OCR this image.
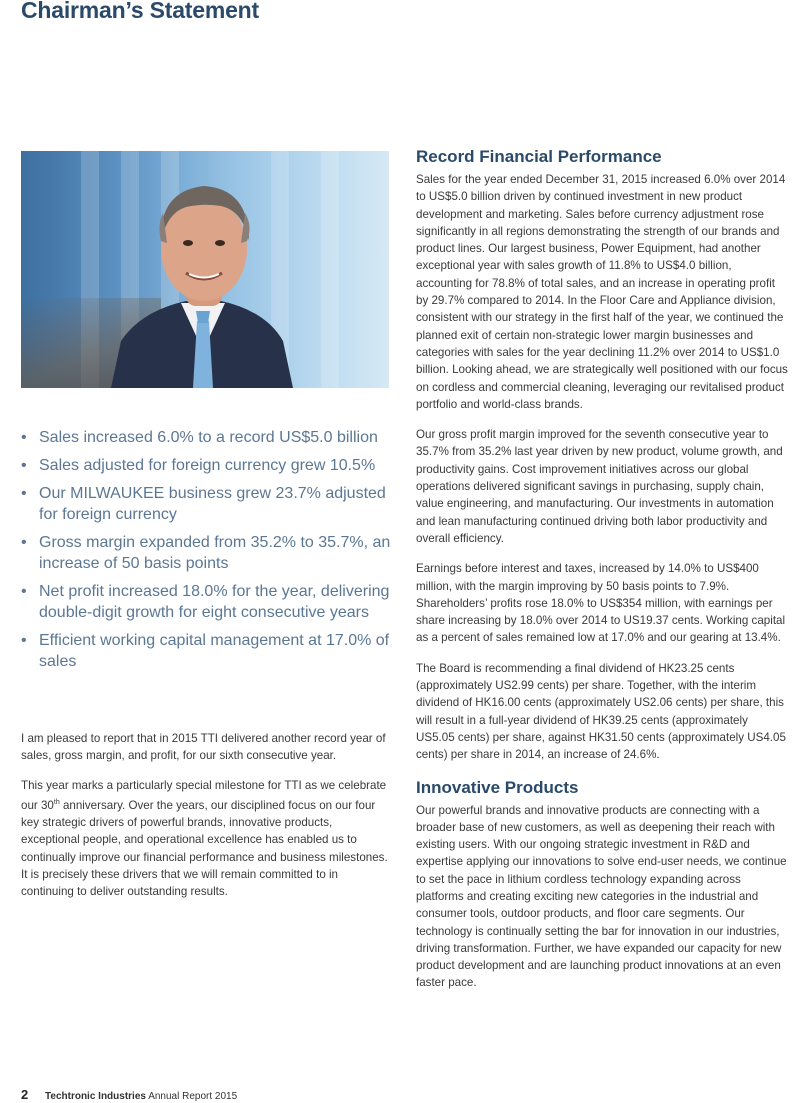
Chairman’s Statement
• Sales increased 6.0% to a record US$5.0 billion
• Sales adjusted for foreign currency grew 10.5%
• Our MILWAUKEE business grew 23.7% adjusted for foreign currency
• Gross margin expanded from 35.2% to 35.7%, an increase of 50 basis points
• Net profit increased 18.0% for the year, delivering double-digit growth for eight consecutive years
• Efficient working capital management at 17.0% of sales

I am pleased to report that in 2015 TTI delivered another record year of sales, gross margin, and profit, for our sixth consecutive year.

This year marks a particularly special milestone for TTI as we celebrate our 30th anniversary. Over the years, our disciplined focus on our four key strategic drivers of powerful brands, innovative products, exceptional people, and operational excellence has enabled us to continually improve our financial performance and business milestones. It is precisely these drivers that we will remain committed to in continuing to deliver outstanding results.

Record Financial Performance

Sales for the year ended December 31, 2015 increased 6.0% over 2014 to US$5.0 billion driven by continued investment in new product development and marketing. Sales before currency adjustment rose significantly in all regions demonstrating the strength of our brands and product lines. Our largest business, Power Equipment, had another exceptional year with sales growth of 11.8% to US$4.0 billion, accounting for 78.8% of total sales, and an increase in operating profit by 29.7% compared to 2014. In the Floor Care and Appliance division, consistent with our strategy in the first half of the year, we continued the planned exit of certain non-strategic lower margin businesses and categories with sales for the year declining 11.2% over 2014 to US$1.0 billion. Looking ahead, we are strategically well positioned with our focus on cordless and commercial cleaning, leveraging our revitalised product portfolio and world-class brands.

Our gross profit margin improved for the seventh consecutive year to 35.7% from 35.2% last year driven by new product, volume growth, and productivity gains. Cost improvement initiatives across our global operations delivered significant savings in purchasing, supply chain, value engineering, and manufacturing. Our investments in automation and lean manufacturing continued driving both labor productivity and overall efficiency.

Earnings before interest and taxes, increased by 14.0% to US$400 million, with the margin improving by 50 basis points to 7.9%. Shareholders’ profits rose 18.0% to US$354 million, with earnings per share increasing by 18.0% over 2014 to US19.37 cents. Working capital as a percent of sales remained low at 17.0% and our gearing at 13.4%.

The Board is recommending a final dividend of HK23.25 cents (approximately US2.99 cents) per share. Together, with the interim dividend of HK16.00 cents (approximately US2.06 cents) per share, this will result in a full-year dividend of HK39.25 cents (approximately US5.05 cents) per share, against HK31.50 cents (approximately US4.05 cents) per share in 2014, an increase of 24.6%.

Innovative Products

Our powerful brands and innovative products are connecting with a broader base of new customers, as well as deepening their reach with existing users. With our ongoing strategic investment in R&D and expertise applying our innovations to solve end-user needs, we continue to set the pace in lithium cordless technology expanding across platforms and creating exciting new categories in the industrial and consumer tools, outdoor products, and floor care segments. Our technology is continually setting the bar for innovation in our industries, driving transformation. Further, we have expanded our capacity for new product development and are launching product innovations at an even faster pace.

2 Techtronic Industries Annual Report 2015
